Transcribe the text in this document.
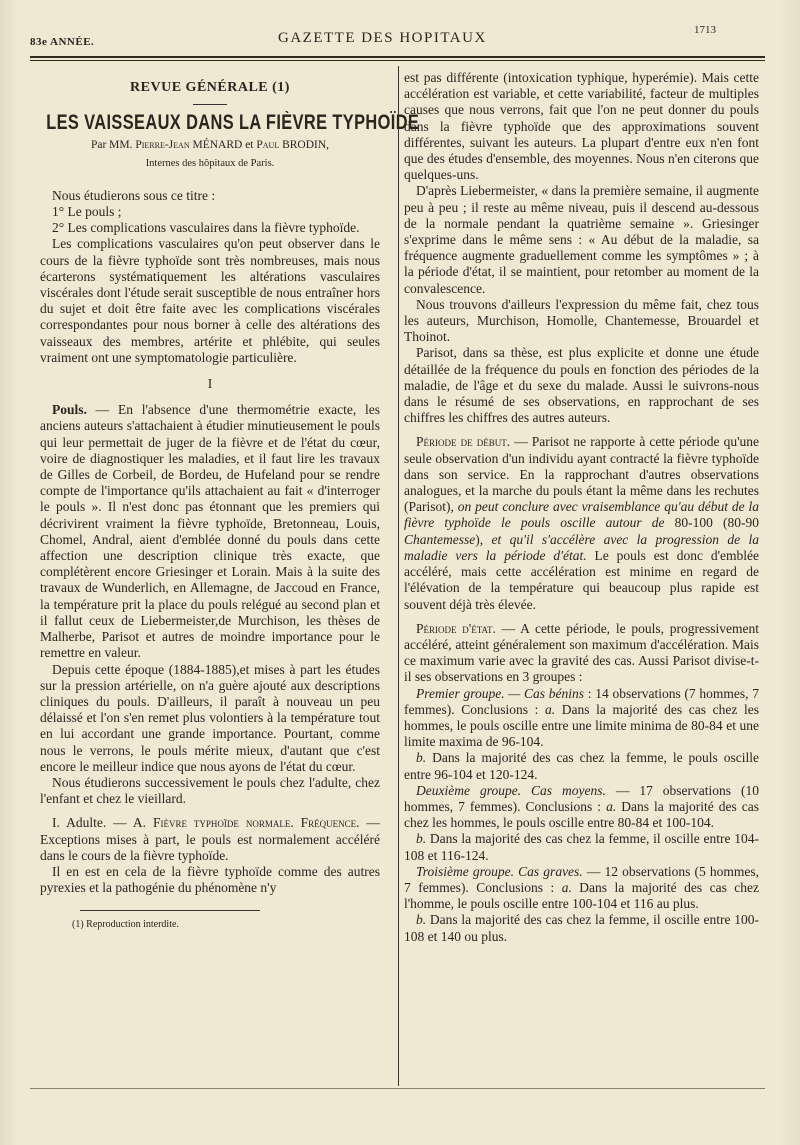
83e ANNÉE.	GAZETTE DES HOPITAUX	1713
REVUE GÉNÉRALE (1)
LES VAISSEAUX DANS LA FIÈVRE TYPHOÏDE
Par MM. Pierre-Jean MÉNARD et Paul BRODIN,
Internes des hôpitaux de Paris.

Nous étudierons sous ce titre :

1° Le pouls ;

2° Les complications vasculaires dans la fièvre typhoïde.

Les complications vasculaires qu'on peut observer dans le cours de la fièvre typhoïde sont très nombreuses, mais nous écarterons systématiquement les altérations vasculaires viscérales dont l'étude serait susceptible de nous entraîner hors du sujet et doit être faite avec les complications viscérales correspondantes pour nous borner à celle des altérations des vaisseaux des membres, artérite et phlébite, qui seules vraiment ont une symptomatologie particulière.

I

Pouls. — En l'absence d'une thermométrie exacte, les anciens auteurs s'attachaient à étudier minutieusement le pouls qui leur permettait de juger de la fièvre et de l'état du cœur, voire de diagnostiquer les maladies, et il faut lire les travaux de Gilles de Corbeil, de Bordeu, de Hufeland pour se rendre compte de l'importance qu'ils attachaient au fait « d'interroger le pouls ». Il n'est donc pas étonnant que les premiers qui décrivirent vraiment la fièvre typhoïde, Bretonneau, Louis, Chomel, Andral, aient d'emblée donné du pouls dans cette affection une description clinique très exacte, que complétèrent encore Griesinger et Lorain. Mais à la suite des travaux de Wunderlich, en Allemagne, de Jaccoud en France, la température prit la place du pouls relégué au second plan et il fallut ceux de Liebermeister,de Murchison, les thèses de Malherbe, Parisot et autres de moindre importance pour le remettre en valeur.

Depuis cette époque (1884-1885),et mises à part les études sur la pression artérielle, on n'a guère ajouté aux descriptions cliniques du pouls. D'ailleurs, il paraît à nouveau un peu délaissé et l'on s'en remet plus volontiers à la température tout en lui accordant une grande importance. Pourtant, comme nous le verrons, le pouls mérite mieux, d'autant que c'est encore le meilleur indice que nous ayons de l'état du cœur.

Nous étudierons successivement le pouls chez l'adulte, chez l'enfant et chez le vieillard.

I. Adulte. — A. Fièvre typhoïde normale. Fréquence. — Exceptions mises à part, le pouls est normalement accéléré dans le cours de la fièvre typhoïde.

Il en est en cela de la fièvre typhoïde comme des autres pyrexies et la pathogénie du phénomène n'y

(1) Reproduction interdite.

est pas différente (intoxication typhique, hyperémie). Mais cette accélération est variable, et cette variabilité, facteur de multiples causes que nous verrons, fait que l'on ne peut donner du pouls dans la fièvre typhoïde que des approximations souvent différentes, suivant les auteurs. La plupart d'entre eux n'en font que des études d'ensemble, des moyennes. Nous n'en citerons que quelques-uns.

D'après Liebermeister, « dans la première semaine, il augmente peu à peu ; il reste au même niveau, puis il descend au-dessous de la normale pendant la quatrième semaine ». Griesinger s'exprime dans le même sens : « Au début de la maladie, sa fréquence augmente graduellement comme les symptômes » ; à la période d'état, il se maintient, pour retomber au moment de la convalescence.

Nous trouvons d'ailleurs l'expression du même fait, chez tous les auteurs, Murchison, Homolle, Chantemesse, Brouardel et Thoinot.

Parisot, dans sa thèse, est plus explicite et donne une étude détaillée de la fréquence du pouls en fonction des périodes de la maladie, de l'âge et du sexe du malade. Aussi le suivrons-nous dans le résumé de ses observations, en rapprochant de ses chiffres les chiffres des autres auteurs.

Période de début. — Parisot ne rapporte à cette période qu'une seule observation d'un individu ayant contracté la fièvre typhoïde dans son service. En la rapprochant d'autres observations analogues, et la marche du pouls étant la même dans les rechutes (Parisot), on peut conclure avec vraisemblance qu'au début de la fièvre typhoïde le pouls oscille autour de 80-100 (80-90 Chantemesse), et qu'il s'accélère avec la progression de la maladie vers la période d'état. Le pouls est donc d'emblée accéléré, mais cette accélération est minime en regard de l'élévation de la température qui beaucoup plus rapide est souvent déjà très élevée.

Période d'état. — A cette période, le pouls, progressivement accéléré, atteint généralement son maximum d'accélération. Mais ce maximum varie avec la gravité des cas. Aussi Parisot divise-t-il ses observations en 3 groupes :

Premier groupe. — Cas bénins : 14 observations (7 hommes, 7 femmes). Conclusions : a. Dans la majorité des cas chez les hommes, le pouls oscille entre une limite minima de 80-84 et une limite maxima de 96-104.

b. Dans la majorité des cas chez la femme, le pouls oscille entre 96-104 et 120-124.

Deuxième groupe. Cas moyens. — 17 observations (10 hommes, 7 femmes). Conclusions : a. Dans la majorité des cas chez les hommes, le pouls oscille entre 80-84 et 100-104.

b. Dans la majorité des cas chez la femme, il oscille entre 104-108 et 116-124.

Troisième groupe. Cas graves. — 12 observations (5 hommes, 7 femmes). Conclusions : a. Dans la majorité des cas chez l'homme, le pouls oscille entre 100-104 et 116 au plus.

b. Dans la majorité des cas chez la femme, il oscille entre 100-108 et 140 ou plus.
